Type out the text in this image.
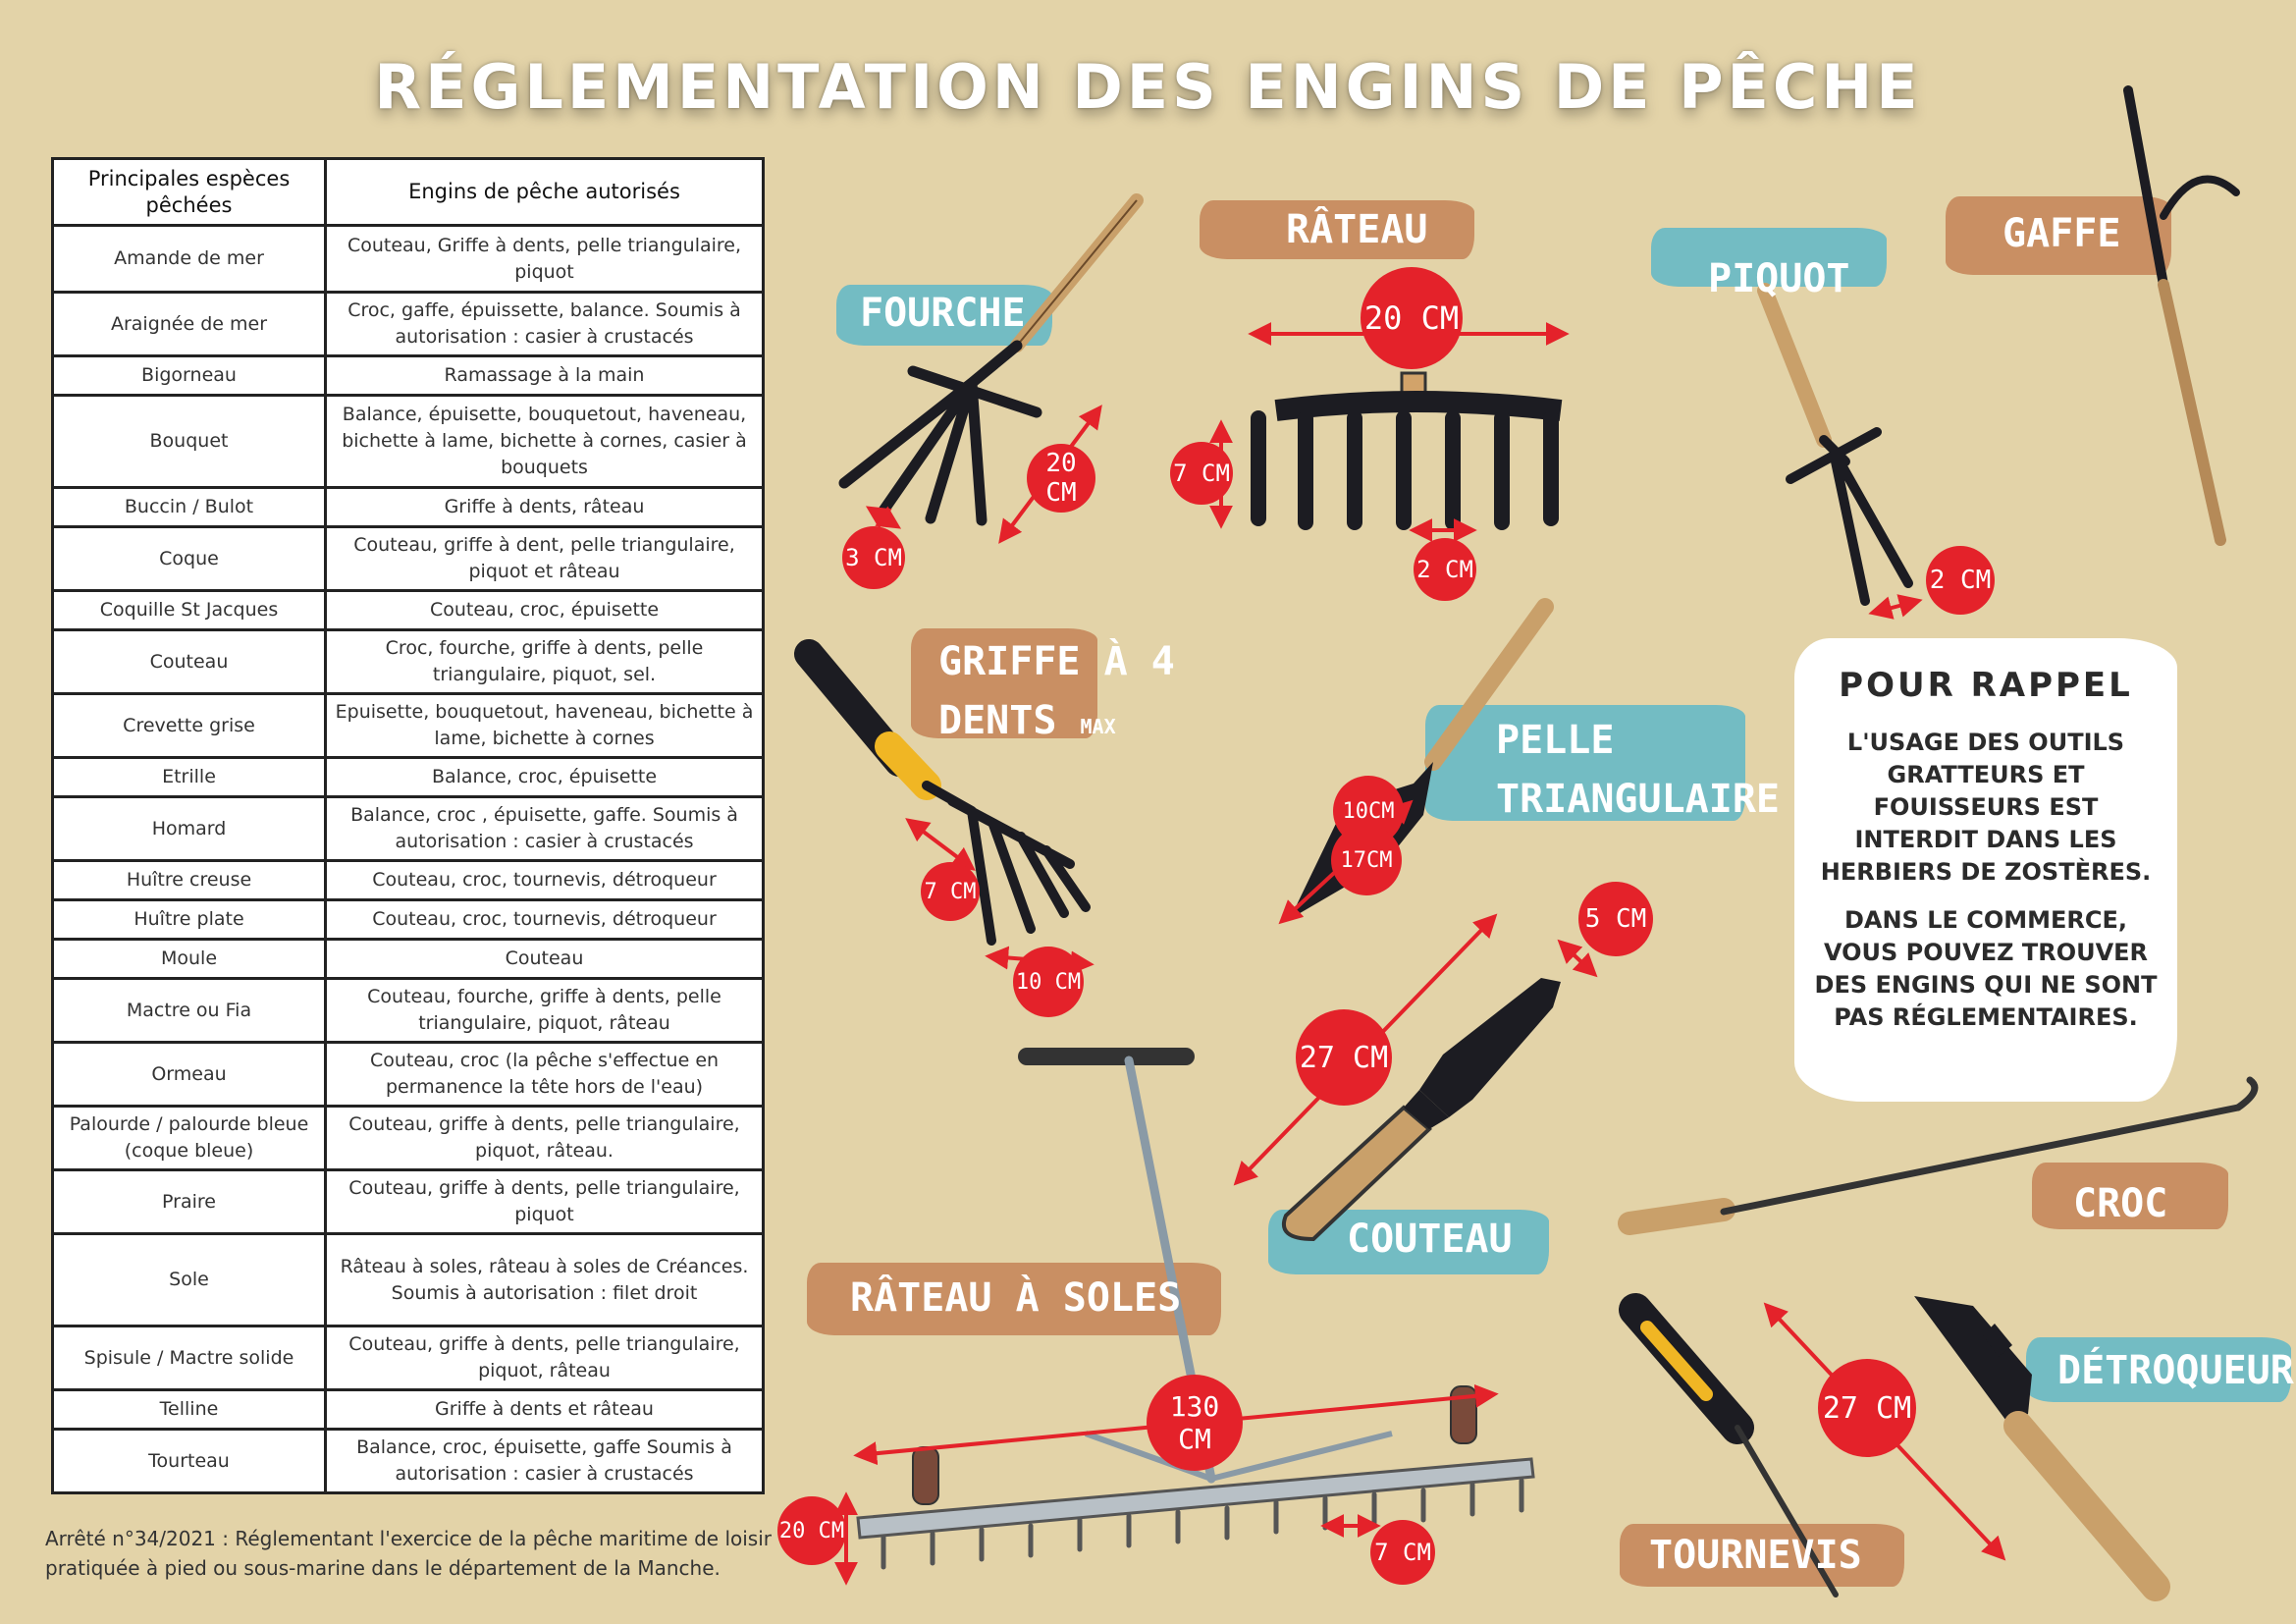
RÉGLEMENTATION DES ENGINS DE PÊCHE
Principales espèces pêchées	Engins de pêche autorisés
Amande de mer	Couteau, Griffe à dents, pelle triangulaire, piquot
Araignée de mer	Croc, gaffe, épuissette, balance. Soumis à autorisation : casier à crustacés
Bigorneau	Ramassage à la main
Bouquet	Balance, épuisette, bouquetout, haveneau, bichette à lame, bichette à cornes, casier à bouquets
Buccin / Bulot	Griffe à dents, râteau
Coque	Couteau, griffe à dent, pelle triangulaire, piquot et râteau
Coquille St Jacques	Couteau, croc, épuisette
Couteau	Croc, fourche, griffe à dents, pelle triangulaire, piquot, sel.
Crevette grise	Epuisette, bouquetout, haveneau, bichette à lame, bichette à cornes
Etrille	Balance, croc, épuisette
Homard	Balance, croc , épuisette, gaffe. Soumis à autorisation : casier à crustacés
Huître creuse	Couteau, croc, tournevis, détroqueur
Huître plate	Couteau, croc, tournevis, détroqueur
Moule	Couteau
Mactre ou Fia	Couteau, fourche, griffe à dents, pelle triangulaire, piquot, râteau
Ormeau	Couteau, croc (la pêche s'effectue en permanence la tête hors de l'eau)
Palourde / palourde bleue (coque bleue)	Couteau, griffe à dents, pelle triangulaire, piquot, râteau.
Praire	Couteau, griffe à dents, pelle triangulaire, piquot
Sole	Râteau à soles, râteau à soles de Créances. Soumis à autorisation : filet droit
Spisule / Mactre solide	Couteau, griffe à dents, pelle triangulaire, piquot, râteau
Telline	Griffe à dents et râteau
Tourteau	Balance, croc, épuisette, gaffe Soumis à autorisation : casier à crustacés
Arrêté n°34/2021 : Réglementant l'exercice de la pêche maritime de loisir pratiquée à pied ou sous-marine dans le département de la Manche.
FOURCHE
RÂTEAU
PIQUOT
GAFFE
GRIFFE À 4
DENTS MAX	PELLE
TRIANGULAIRE
COUTEAU
RÂTEAU À SOLES
CROC
DÉTROQUEUR
TOURNEVIS
20 CM
3 CM
20 CM
7 CM
2 CM	2 CM
7 CM
10 CM
10CM
17CM
27 CM
5 CM
130 CM
20 CM
7 CM
27 CM
POUR RAPPEL
L'USAGE DES OUTILS GRATTEURS ET FOUISSEURS EST INTERDIT DANS LES HERBIERS DE ZOSTÈRES.
DANS LE COMMERCE, VOUS POUVEZ TROUVER DES ENGINS QUI NE SONT PAS RÉGLEMENTAIRES.
